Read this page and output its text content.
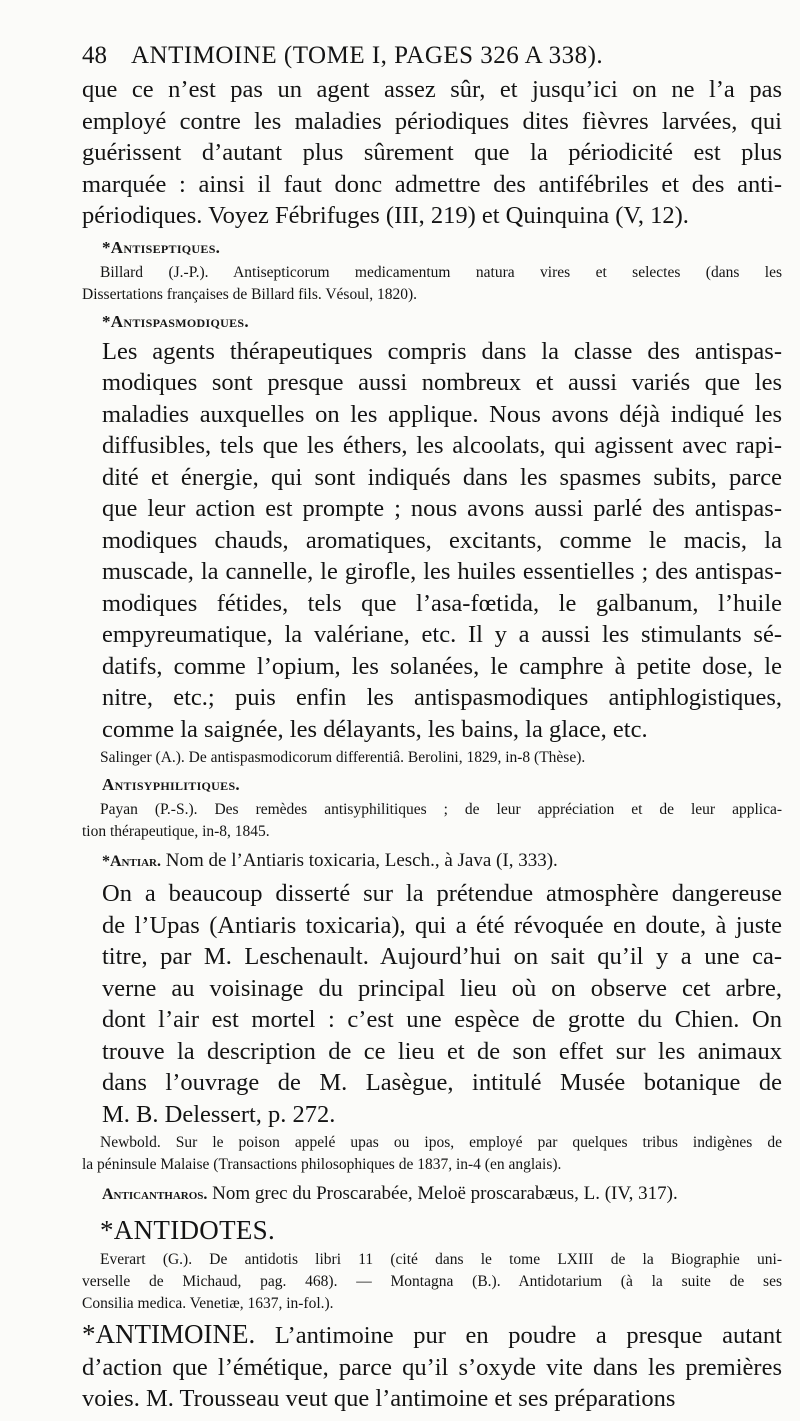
48 ANTIMOINE (TOME I, PAGES 326 A 338).
que ce n’est pas un agent assez sûr, et jusqu’ici on ne l’a pas
employé contre les maladies périodiques dites fièvres larvées, qui
guérissent d’autant plus sûrement que la périodicité est plus
marquée : ainsi il faut donc admettre des antifébriles et des anti-
périodiques. Voyez Fébrifuges (III, 219) et Quinquina (V, 12).
*Antiseptiques.
Billard (J.-P.). Antisepticorum medicamentum natura vires et selectes (dans les
Dissertations françaises de Billard fils. Vésoul, 1820).
*Antispasmodiques.
Les agents thérapeutiques compris dans la classe des antispas-
modiques sont presque aussi nombreux et aussi variés que les
maladies auxquelles on les applique. Nous avons déjà indiqué les
diffusibles, tels que les éthers, les alcoolats, qui agissent avec rapi-
dité et énergie, qui sont indiqués dans les spasmes subits, parce
que leur action est prompte ; nous avons aussi parlé des antispas-
modiques chauds, aromatiques, excitants, comme le macis, la
muscade, la cannelle, le girofle, les huiles essentielles ; des antispas-
modiques fétides, tels que l’asa-fœtida, le galbanum, l’huile
empyreumatique, la valériane, etc. Il y a aussi les stimulants sé-
datifs, comme l’opium, les solanées, le camphre à petite dose, le
nitre, etc.; puis enfin les antispasmodiques antiphlogistiques,
comme la saignée, les délayants, les bains, la glace, etc.
Salinger (A.). De antispasmodicorum differentiâ. Berolini, 1829, in-8 (Thèse).
Antisyphilitiques.
Payan (P.-S.). Des remèdes antisyphilitiques ; de leur appréciation et de leur applica-
tion thérapeutique, in-8, 1845.
*Antiar. Nom de l’Antiaris toxicaria, Lesch., à Java (I, 333).
On a beaucoup disserté sur la prétendue atmosphère dangereuse
de l’Upas (Antiaris toxicaria), qui a été révoquée en doute, à juste
titre, par M. Leschenault. Aujourd’hui on sait qu’il y a une ca-
verne au voisinage du principal lieu où on observe cet arbre,
dont l’air est mortel : c’est une espèce de grotte du Chien. On
trouve la description de ce lieu et de son effet sur les animaux
dans l’ouvrage de M. Lasègue, intitulé Musée botanique de
M. B. Delessert, p. 272.
Newbold. Sur le poison appelé upas ou ipos, employé par quelques tribus indigènes de
la péninsule Malaise (Transactions philosophiques de 1837, in-4 (en anglais).
Anticantharos. Nom grec du Proscarabée, Meloë proscarabæus, L. (IV, 317).
*ANTIDOTES.
Everart (G.). De antidotis libri 11 (cité dans le tome LXIII de la Biographie uni-
verselle de Michaud, pag. 468). — Montagna (B.). Antidotarium (à la suite de ses
Consilia medica. Venetiæ, 1637, in-fol.).
*ANTIMOINE. L’antimoine pur en poudre a presque autant
d’action que l’émétique, parce qu’il s’oxyde vite dans les premières
voies. M. Trousseau veut que l’antimoine et ses préparations
